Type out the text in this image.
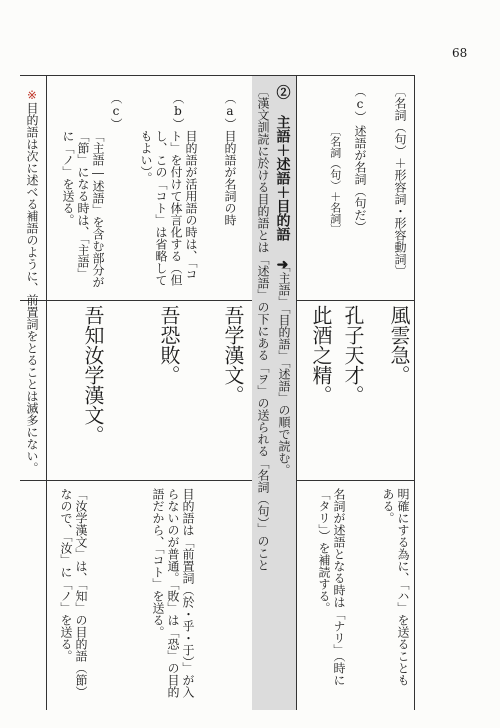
68
〔名詞（句）＋形容詞・形容動詞〕
（c）
述語が名詞（句だ）
〔名詞（句）＋名詞〕
風雲急。
孔子天才。
此酒之精。
明確にする為に、「ハ」を送ることもある。
名詞が述語となる時は「ナリ」（時に「タリ」）を補読する。
② 主語＋述語＋目的語 ➜
「主語」「目的語」「述語」の順で読む。
〔漢文訓読に於ける目的語とは「述語」の下にある「ヲ」の送られる「名詞（句）」のこと
（a）
目的語が名詞の時
吾学漢文。
（b）
目的語が活用語の時は、「コト」を付けて体言化する（但し、この「コト」は省略してもよい）。
吾恐敗。
目的語は「前置詞（於・乎・于）」が入らないのが普通。「敗」は「恐」の目的語だから、「コト」を送る。
（c）
「主語―述語」を含む部分が「節」になる時は、「主語」に「ノ」を送る。
吾知汝学漢文。
「汝学漢文」は、「知」の目的語（節）なので、「汝」に「ノ」を送る。
※
目的語は次に述べる補語のように、前置詞をとることは滅多にない。
